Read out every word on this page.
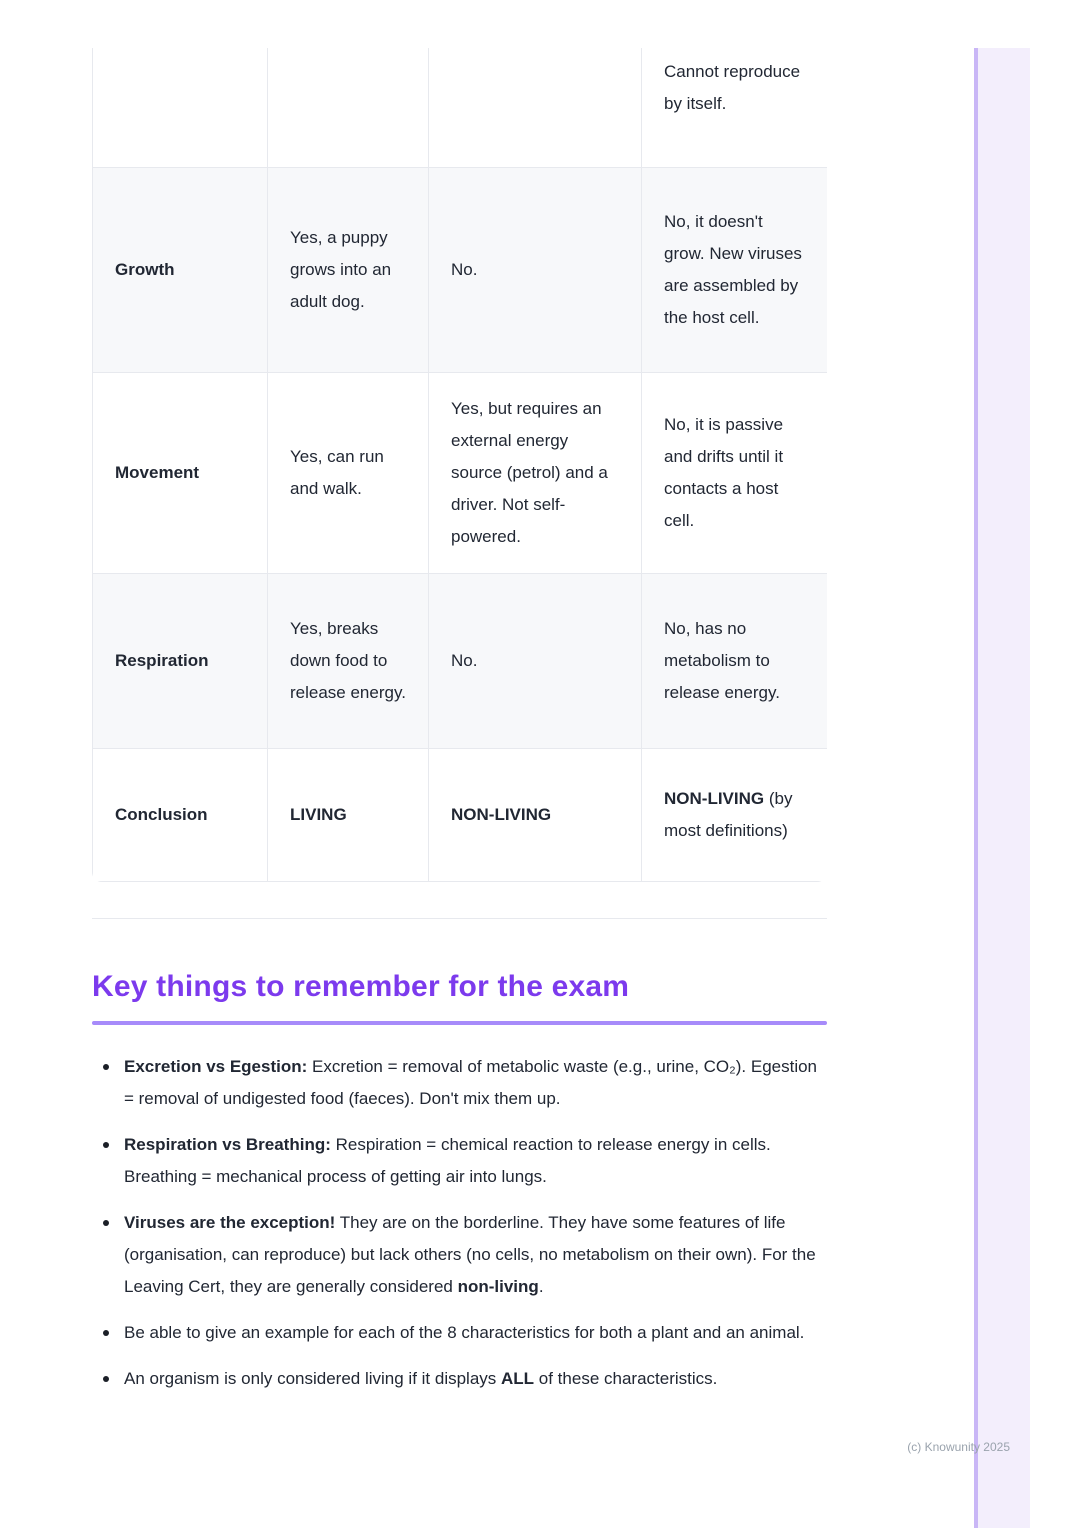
			Cannot reproduce by itself.
Growth	Yes, a puppy grows into an adult dog.	No.	No, it doesn't grow. New viruses are assembled by the host cell.
Movement	Yes, can run and walk.	Yes, but requires an external energy source (petrol) and a driver. Not self-powered.	No, it is passive and drifts until it contacts a host cell.
Respiration	Yes, breaks down food to release energy.	No.	No, has no metabolism to release energy.
Conclusion	LIVING	NON-LIVING	NON-LIVING (by most definitions)
Key things to remember for the exam
Excretion vs Egestion: Excretion = removal of metabolic waste (e.g., urine, CO₂). Egestion = removal of undigested food (faeces). Don't mix them up.
Respiration vs Breathing: Respiration = chemical reaction to release energy in cells. Breathing = mechanical process of getting air into lungs.
Viruses are the exception! They are on the borderline. They have some features of life (organisation, can reproduce) but lack others (no cells, no metabolism on their own). For the Leaving Cert, they are generally considered non-living.
Be able to give an example for each of the 8 characteristics for both a plant and an animal.
An organism is only considered living if it displays ALL of these characteristics.
(c) Knowunity 2025
